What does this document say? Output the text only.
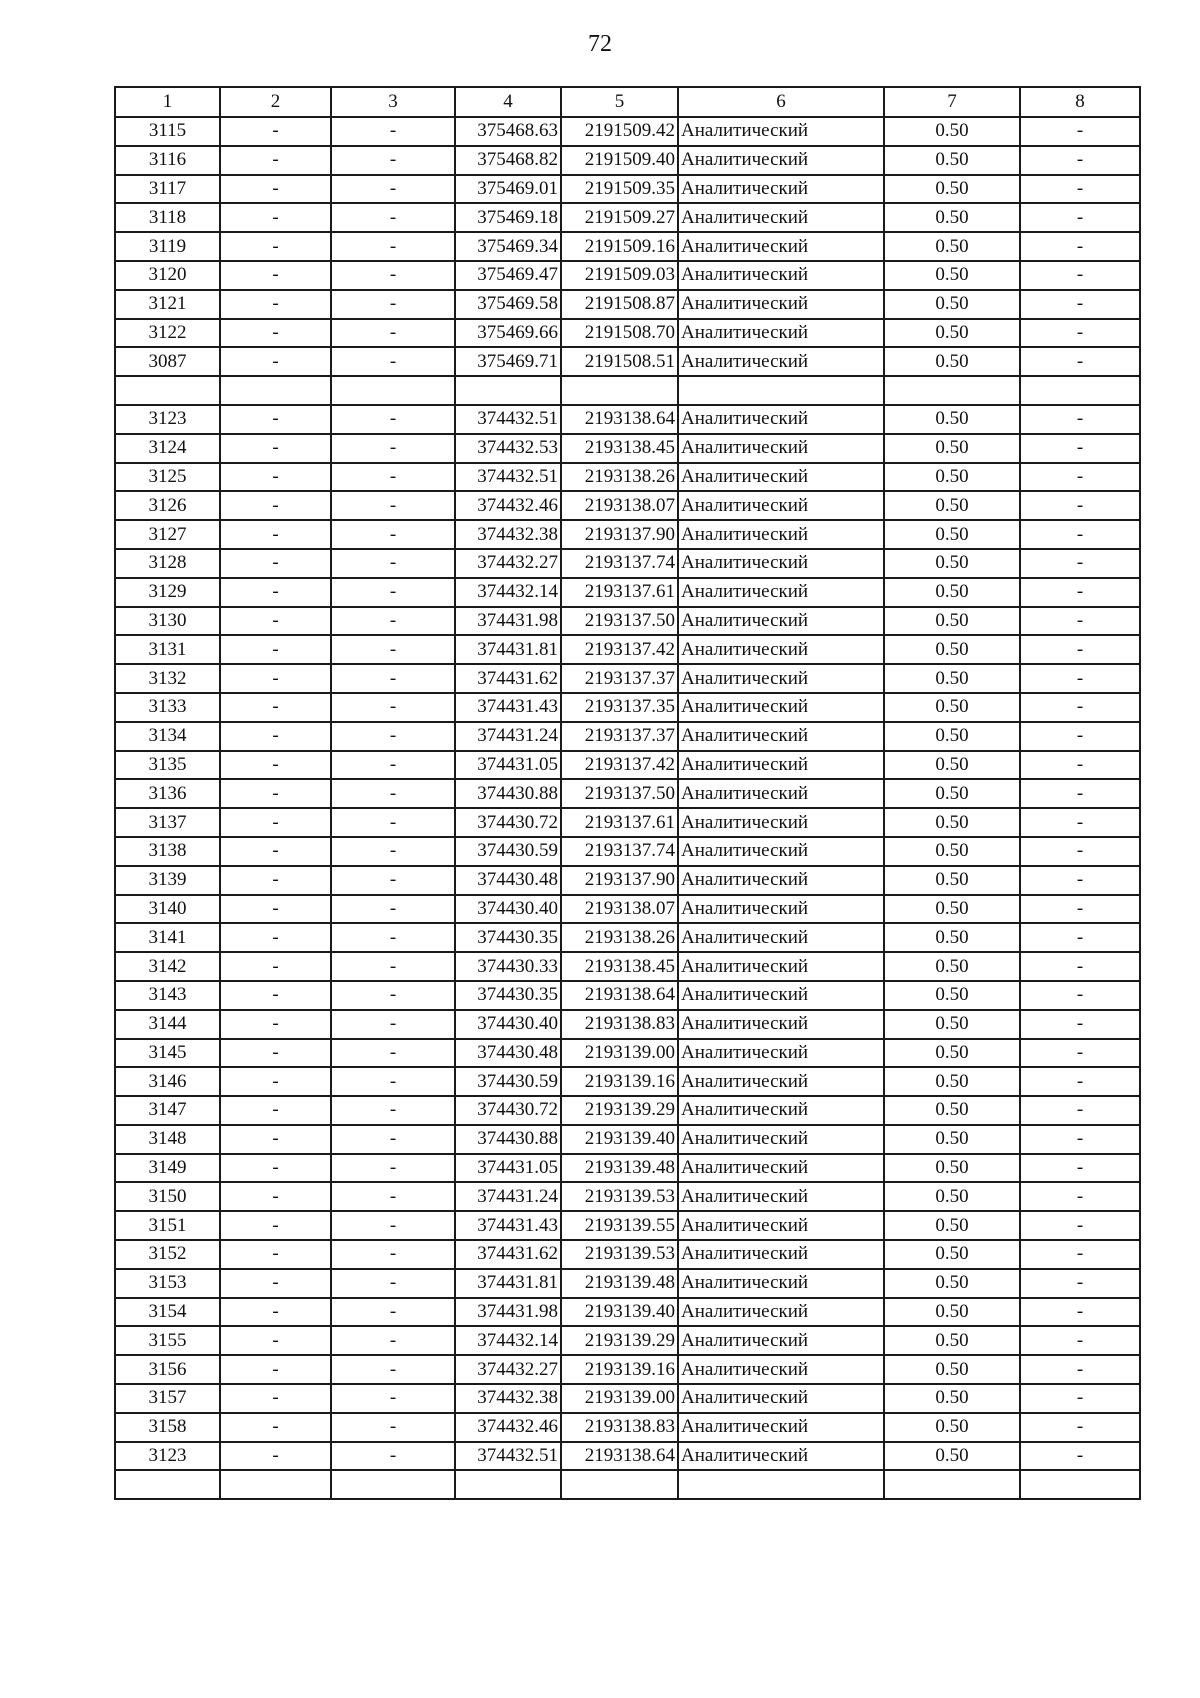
72
1	2	3	4	5	6	7	8
3115	-	-	375468.63	2191509.42	Аналитический	0.50	-
3116	-	-	375468.82	2191509.40	Аналитический	0.50	-
3117	-	-	375469.01	2191509.35	Аналитический	0.50	-
3118	-	-	375469.18	2191509.27	Аналитический	0.50	-
3119	-	-	375469.34	2191509.16	Аналитический	0.50	-
3120	-	-	375469.47	2191509.03	Аналитический	0.50	-
3121	-	-	375469.58	2191508.87	Аналитический	0.50	-
3122	-	-	375469.66	2191508.70	Аналитический	0.50	-
3087	-	-	375469.71	2191508.51	Аналитический	0.50	-

3123	-	-	374432.51	2193138.64	Аналитический	0.50	-
3124	-	-	374432.53	2193138.45	Аналитический	0.50	-
3125	-	-	374432.51	2193138.26	Аналитический	0.50	-
3126	-	-	374432.46	2193138.07	Аналитический	0.50	-
3127	-	-	374432.38	2193137.90	Аналитический	0.50	-
3128	-	-	374432.27	2193137.74	Аналитический	0.50	-
3129	-	-	374432.14	2193137.61	Аналитический	0.50	-
3130	-	-	374431.98	2193137.50	Аналитический	0.50	-
3131	-	-	374431.81	2193137.42	Аналитический	0.50	-
3132	-	-	374431.62	2193137.37	Аналитический	0.50	-
3133	-	-	374431.43	2193137.35	Аналитический	0.50	-
3134	-	-	374431.24	2193137.37	Аналитический	0.50	-
3135	-	-	374431.05	2193137.42	Аналитический	0.50	-
3136	-	-	374430.88	2193137.50	Аналитический	0.50	-
3137	-	-	374430.72	2193137.61	Аналитический	0.50	-
3138	-	-	374430.59	2193137.74	Аналитический	0.50	-
3139	-	-	374430.48	2193137.90	Аналитический	0.50	-
3140	-	-	374430.40	2193138.07	Аналитический	0.50	-
3141	-	-	374430.35	2193138.26	Аналитический	0.50	-
3142	-	-	374430.33	2193138.45	Аналитический	0.50	-
3143	-	-	374430.35	2193138.64	Аналитический	0.50	-
3144	-	-	374430.40	2193138.83	Аналитический	0.50	-
3145	-	-	374430.48	2193139.00	Аналитический	0.50	-
3146	-	-	374430.59	2193139.16	Аналитический	0.50	-
3147	-	-	374430.72	2193139.29	Аналитический	0.50	-
3148	-	-	374430.88	2193139.40	Аналитический	0.50	-
3149	-	-	374431.05	2193139.48	Аналитический	0.50	-
3150	-	-	374431.24	2193139.53	Аналитический	0.50	-
3151	-	-	374431.43	2193139.55	Аналитический	0.50	-
3152	-	-	374431.62	2193139.53	Аналитический	0.50	-
3153	-	-	374431.81	2193139.48	Аналитический	0.50	-
3154	-	-	374431.98	2193139.40	Аналитический	0.50	-
3155	-	-	374432.14	2193139.29	Аналитический	0.50	-
3156	-	-	374432.27	2193139.16	Аналитический	0.50	-
3157	-	-	374432.38	2193139.00	Аналитический	0.50	-
3158	-	-	374432.46	2193138.83	Аналитический	0.50	-
3123	-	-	374432.51	2193138.64	Аналитический	0.50	-
